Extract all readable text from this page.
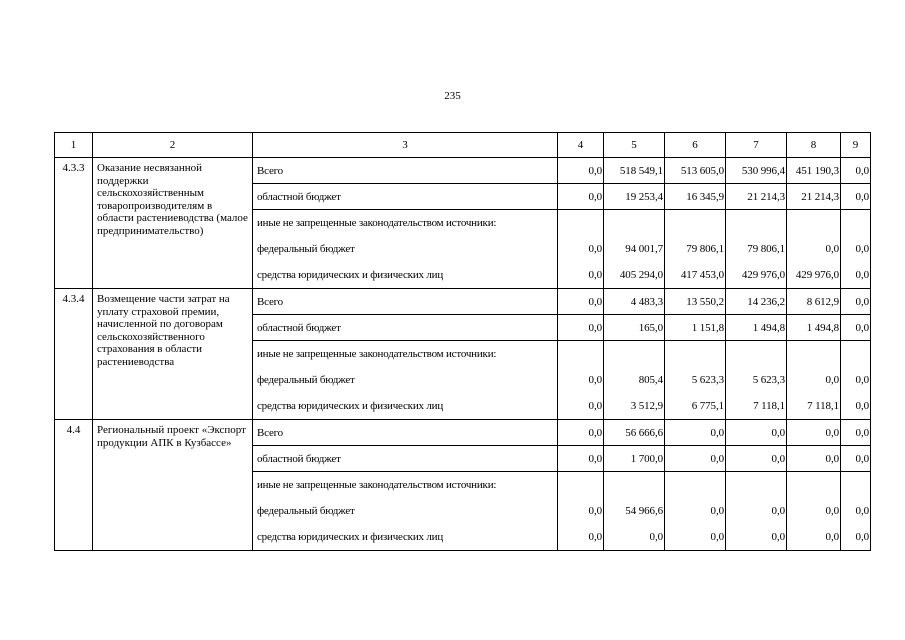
235
1	2	3	4	5	6	7	8	9
4.3.3	Оказание несвязанной поддержки сельскохозяйственным товаропроизводителям в области растениеводства (малое предпринимательство)	Всего	0,0	518 549,1	513 605,0	530 996,4	451 190,3	0,0
		областной бюджет	0,0	19 253,4	16 345,9	21 214,3	21 214,3	0,0
		иные не запрещенные законодательством источники:						
		федеральный бюджет	0,0	94 001,7	79 806,1	79 806,1	0,0	0,0
		средства юридических и физических лиц	0,0	405 294,0	417 453,0	429 976,0	429 976,0	0,0
4.3.4	Возмещение части затрат на уплату страховой премии, начисленной по договорам сельскохозяйственного страхования в области растениеводства	Всего	0,0	4 483,3	13 550,2	14 236,2	8 612,9	0,0
		областной бюджет	0,0	165,0	1 151,8	1 494,8	1 494,8	0,0
		иные не запрещенные законодательством источники:						
		федеральный бюджет	0,0	805,4	5 623,3	5 623,3	0,0	0,0
		средства юридических и физических лиц	0,0	3 512,9	6 775,1	7 118,1	7 118,1	0,0
4.4	Региональный проект «Экспорт продукции АПК в Кузбассе»	Всего	0,0	56 666,6	0,0	0,0	0,0	0,0
		областной бюджет	0,0	1 700,0	0,0	0,0	0,0	0,0
		иные не запрещенные законодательством источники:						
		федеральный бюджет	0,0	54 966,6	0,0	0,0	0,0	0,0
		средства юридических и физических лиц	0,0	0,0	0,0	0,0	0,0	0,0
